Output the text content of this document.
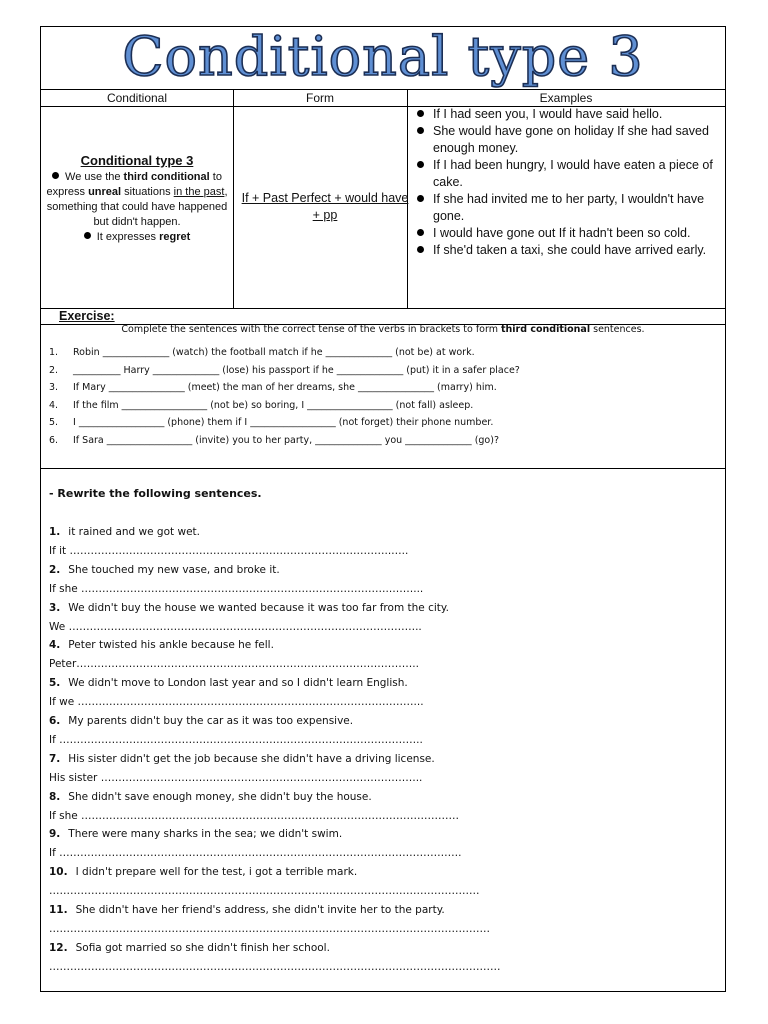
Conditional type 3
Conditional	Form	Examples
Conditional type 3
We use the third conditional to express unreal situations in the past, something that could have happened but didn't happen.
It expresses regret
If + Past Perfect + would have + pp
If I had seen you, I would have said hello.
She would have gone on holiday If she had saved enough money.
If I had been hungry, I would have eaten a piece of cake.
If she had invited me to her party, I wouldn't have gone.
I would have gone out If it hadn't been so cold.
If she'd taken a taxi, she could have arrived early.
Exercise:
Complete the sentences with the correct tense of the verbs in brackets to form third conditional sentences.
1. Robin ______________ (watch) the football match if he ______________ (not be) at work.
2. __________ Harry ______________ (lose) his passport if he ______________ (put) it in a safer place?
3. If Mary ________________ (meet) the man of her dreams, she ________________ (marry) him.
4. If the film __________________ (not be) so boring, I __________________ (not fall) asleep.
5. I __________________ (phone) them if I __________________ (not forget) their phone number.
6. If Sara __________________ (invite) you to her party, ______________ you ______________ (go)?
- Rewrite the following sentences.
1. it rained and we got wet.
If it ………………………………………………………………………………..…..
2. She touched my new vase, and broke it.
If she ……………………………………………………………………………..……...
3. We didn't buy the house we wanted because it was too far from the city.
We ………………………………………………………………………………………..
4. Peter twisted his ankle because he fell.
Peter……………………………………………………………………………………..
5. We didn't move to London last year and so I didn't learn English.
If we ……………………………………………………………………………………...
6. My parents didn't buy the car as it was too expensive.
If …………………………………………………………………………………………..
7. His sister didn't get the job because she didn't have a driving license.
His sister ………………………………………………………………………………..
8. She didn't save enough money, she didn't buy the house.
If she ………………………………………………………………………………………………
9. There were many sharks in the sea; we didn't swim.
If …………………………………………………………………………………………………….
10. I didn't prepare well for the test, i got a terrible mark.
……………………………………………………………………………………………………………
11. She didn't have her friend's address, she didn't invite her to the party.
………………………………………………………………………………………………………………
12. Sofia got married so she didn't finish her school.
…………………………………………………………………………………………………………………
